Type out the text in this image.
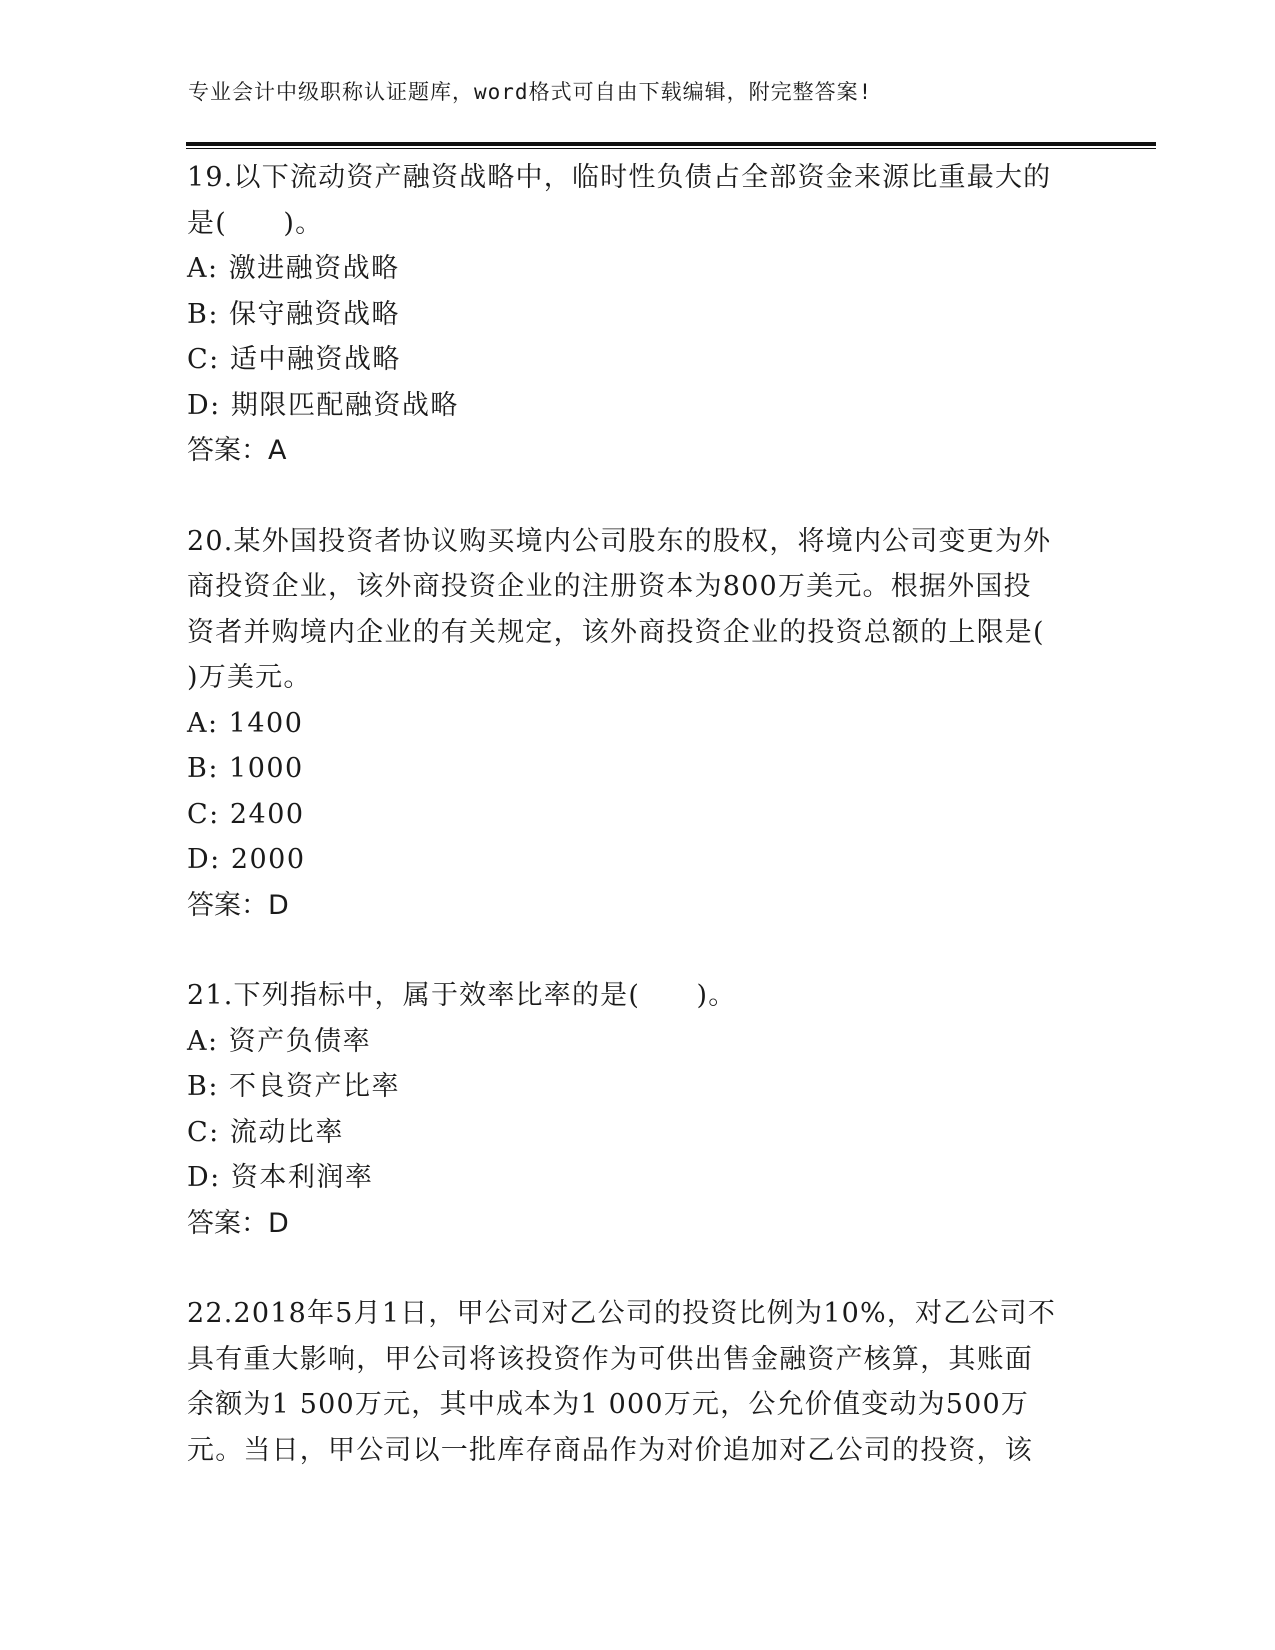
专业会计中级职称认证题库，word格式可自由下载编辑，附完整答案!
19.以下流动资产融资战略中，临时性负债占全部资金来源比重最大的
是(　　)。
A: 激进融资战略
B: 保守融资战略
C: 适中融资战略
D: 期限匹配融资战略
答案：A
20.某外国投资者协议购买境内公司股东的股权，将境内公司变更为外
商投资企业，该外商投资企业的注册资本为800万美元。根据外国投
资者并购境内企业的有关规定，该外商投资企业的投资总额的上限是(
)万美元。
A: 1400
B: 1000
C: 2400
D: 2000
答案：D
21.下列指标中，属于效率比率的是(　　)。
A: 资产负债率
B: 不良资产比率
C: 流动比率
D: 资本利润率
答案：D
22.2018年5月1日，甲公司对乙公司的投资比例为10%，对乙公司不
具有重大影响，甲公司将该投资作为可供出售金融资产核算，其账面
余额为1 500万元，其中成本为1 000万元，公允价值变动为500万
元。当日，甲公司以一批库存商品作为对价追加对乙公司的投资，该
